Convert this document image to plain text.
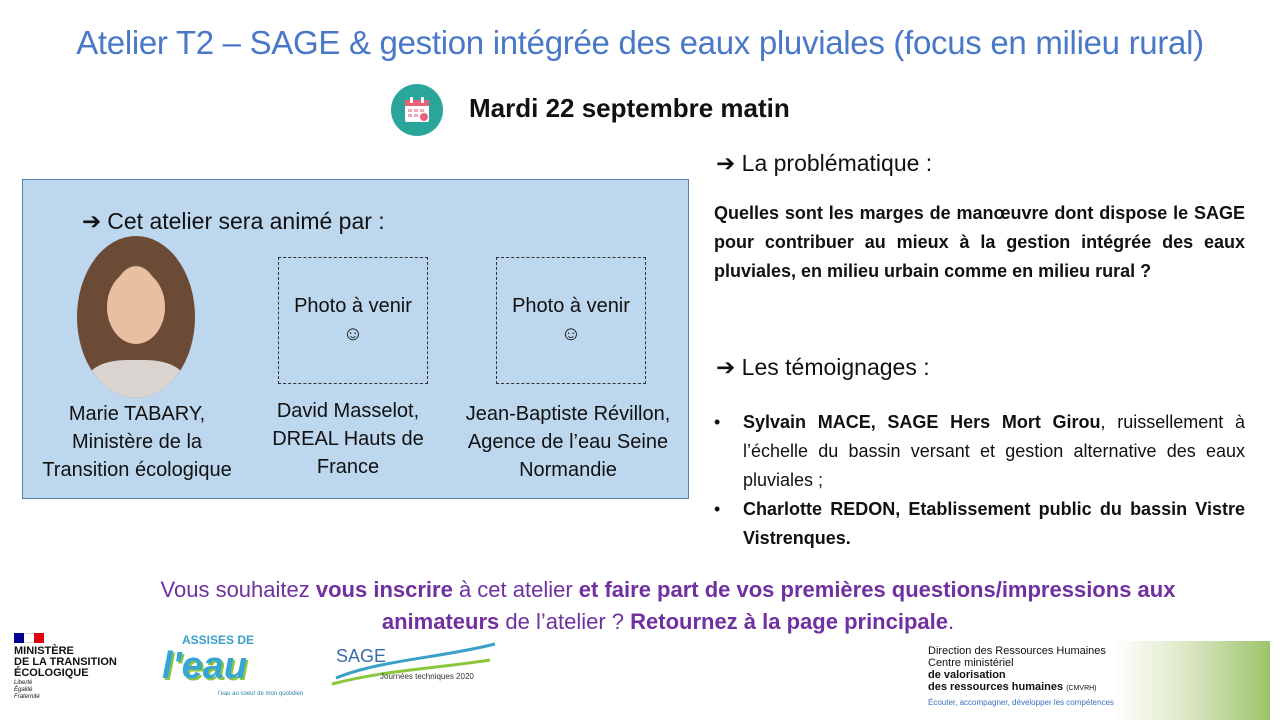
Atelier T2 – SAGE & gestion intégrée des eaux pluviales (focus en milieu rural)
Mardi 22 septembre matin
➔ Cet atelier sera animé par :
Photo à venir
☺
Photo à venir
☺
Marie TABARY, Ministère de la Transition écologique
David Masselot, DREAL Hauts de France
Jean-Baptiste Révillon, Agence de l’eau Seine Normandie
➔ La problématique :
Quelles sont les marges de manœuvre dont dispose le SAGE pour contribuer au mieux à la gestion intégrée des eaux pluviales, en milieu urbain comme en milieu rural ?
➔ Les témoignages :
• Sylvain MACE, SAGE Hers Mort Girou, ruissellement à l’échelle du bassin versant et gestion alternative des eaux pluviales ;
• Charlotte REDON, Etablissement public du bassin Vistre Vistrenques.
Vous souhaitez vous inscrire à cet atelier et faire part de vos premières questions/impressions aux animateurs de l’atelier ? Retournez à la page principale.
MINISTÈRE
DE LA TRANSITION
ÉCOLOGIQUE
Liberté
Égalité
Fraternité
ASSISES DE
l'eau
l'eau au coeur de mon quotidien
SAGE
Journées techniques 2020
Direction des Ressources Humaines
Centre ministériel
de valorisation
des ressources humaines (CMVRH)
Écouter, accompagner, développer les compétences
